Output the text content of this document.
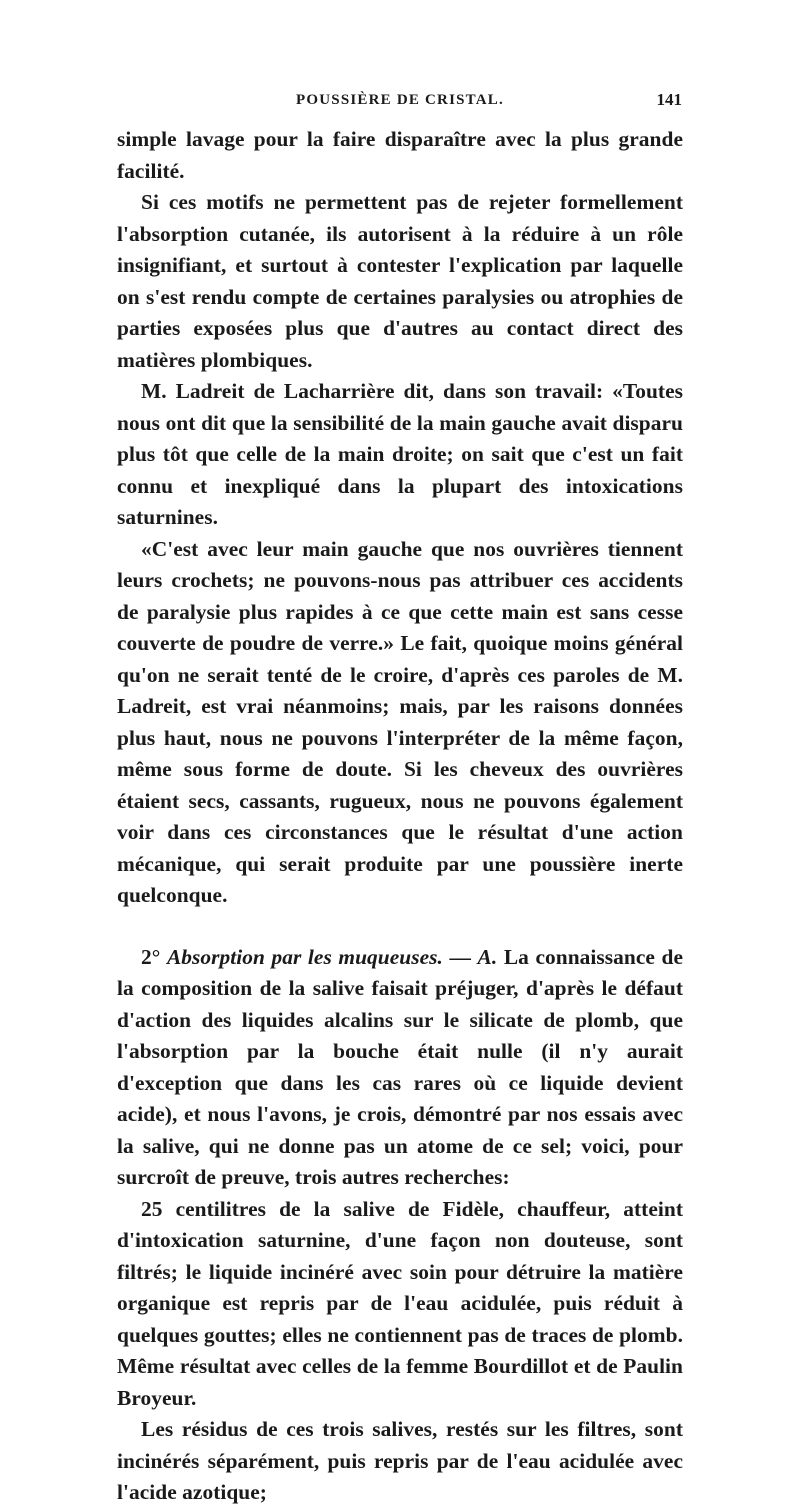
POUSSIÈRE DE CRISTAL.	141

simple lavage pour la faire disparaître avec la plus grande facilité.

Si ces motifs ne permettent pas de rejeter formellement l'absorption cutanée, ils autorisent à la réduire à un rôle insignifiant, et surtout à contester l'explication par laquelle on s'est rendu compte de certaines paralysies ou atrophies de parties exposées plus que d'autres au contact direct des matières plombiques.

M. Ladreit de Lacharrière dit, dans son travail: «Toutes nous ont dit que la sensibilité de la main gauche avait disparu plus tôt que celle de la main droite; on sait que c'est un fait connu et inexpliqué dans la plupart des intoxications saturnines.

«C'est avec leur main gauche que nos ouvrières tiennent leurs crochets; ne pouvons-nous pas attribuer ces accidents de paralysie plus rapides à ce que cette main est sans cesse couverte de poudre de verre.» Le fait, quoique moins général qu'on ne serait tenté de le croire, d'après ces paroles de M. Ladreit, est vrai néanmoins; mais, par les raisons données plus haut, nous ne pouvons l'interpréter de la même façon, même sous forme de doute. Si les cheveux des ouvrières étaient secs, cassants, rugueux, nous ne pouvons également voir dans ces circonstances que le résultat d'une action mécanique, qui serait produite par une poussière inerte quelconque.

2° Absorption par les muqueuses. — A. La connaissance de la composition de la salive faisait préjuger, d'après le défaut d'action des liquides alcalins sur le silicate de plomb, que l'absorption par la bouche était nulle (il n'y aurait d'exception que dans les cas rares où ce liquide devient acide), et nous l'avons, je crois, démontré par nos essais avec la salive, qui ne donne pas un atome de ce sel; voici, pour surcroît de preuve, trois autres recherches:

25 centilitres de la salive de Fidèle, chauffeur, atteint d'intoxication saturnine, d'une façon non douteuse, sont filtrés; le liquide incinéré avec soin pour détruire la matière organique est repris par de l'eau acidulée, puis réduit à quelques gouttes; elles ne contiennent pas de traces de plomb. Même résultat avec celles de la femme Bourdillot et de Paulin Broyeur.

Les résidus de ces trois salives, restés sur les filtres, sont incinérés séparément, puis repris par de l'eau acidulée avec l'acide azotique;
